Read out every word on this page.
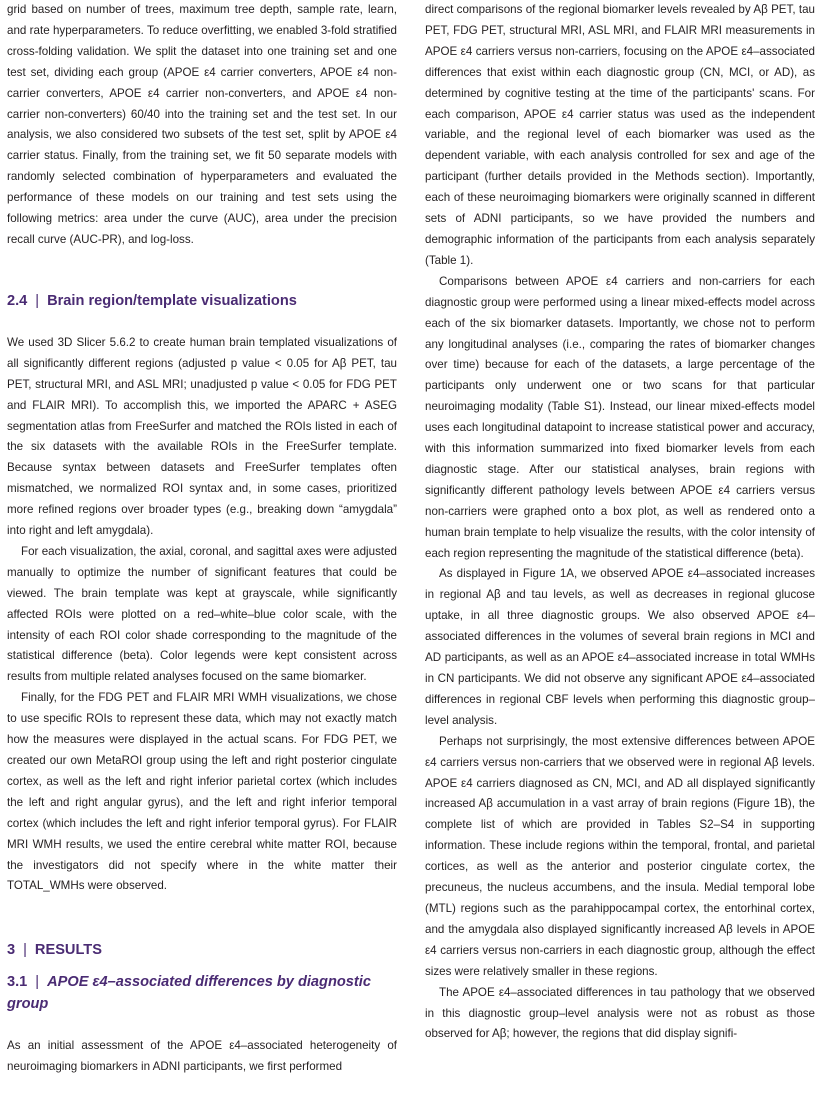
grid based on number of trees, maximum tree depth, sample rate, learn, and rate hyperparameters. To reduce overfitting, we enabled 3-fold stratified cross-folding validation. We split the dataset into one training set and one test set, dividing each group (APOE ε4 carrier converters, APOE ε4 non-carrier converters, APOE ε4 carrier non-converters, and APOE ε4 non-carrier non-converters) 60/40 into the training set and the test set. In our analysis, we also considered two subsets of the test set, split by APOE ε4 carrier status. Finally, from the training set, we fit 50 separate models with randomly selected combination of hyperparameters and evaluated the performance of these models on our training and test sets using the following metrics: area under the curve (AUC), area under the precision recall curve (AUC-PR), and log-loss.

2.4 | Brain region/template visualizations

We used 3D Slicer 5.6.2 to create human brain templated visualizations of all significantly different regions (adjusted p value < 0.05 for Aβ PET, tau PET, structural MRI, and ASL MRI; unadjusted p value < 0.05 for FDG PET and FLAIR MRI). To accomplish this, we imported the APARC + ASEG segmentation atlas from FreeSurfer and matched the ROIs listed in each of the six datasets with the available ROIs in the FreeSurfer template. Because syntax between datasets and FreeSurfer templates often mismatched, we normalized ROI syntax and, in some cases, prioritized more refined regions over broader types (e.g., breaking down “amygdala” into right and left amygdala).

For each visualization, the axial, coronal, and sagittal axes were adjusted manually to optimize the number of significant features that could be viewed. The brain template was kept at grayscale, while significantly affected ROIs were plotted on a red–white–blue color scale, with the intensity of each ROI color shade corresponding to the magnitude of the statistical difference (beta). Color legends were kept consistent across results from multiple related analyses focused on the same biomarker.

Finally, for the FDG PET and FLAIR MRI WMH visualizations, we chose to use specific ROIs to represent these data, which may not exactly match how the measures were displayed in the actual scans. For FDG PET, we created our own MetaROI group using the left and right posterior cingulate cortex, as well as the left and right inferior parietal cortex (which includes the left and right angular gyrus), and the left and right inferior temporal cortex (which includes the left and right inferior temporal gyrus). For FLAIR MRI WMH results, we used the entire cerebral white matter ROI, because the investigators did not specify where in the white matter their TOTAL_WMHs were observed.

3 | RESULTS
3.1 | APOE ε4–associated differences by diagnostic group

As an initial assessment of the APOE ε4–associated heterogeneity of neuroimaging biomarkers in ADNI participants, we first performed

direct comparisons of the regional biomarker levels revealed by Aβ PET, tau PET, FDG PET, structural MRI, ASL MRI, and FLAIR MRI measurements in APOE ε4 carriers versus non-carriers, focusing on the APOE ε4–associated differences that exist within each diagnostic group (CN, MCI, or AD), as determined by cognitive testing at the time of the participants' scans. For each comparison, APOE ε4 carrier status was used as the independent variable, and the regional level of each biomarker was used as the dependent variable, with each analysis controlled for sex and age of the participant (further details provided in the Methods section). Importantly, each of these neuroimaging biomarkers were originally scanned in different sets of ADNI participants, so we have provided the numbers and demographic information of the participants from each analysis separately (Table 1).

Comparisons between APOE ε4 carriers and non-carriers for each diagnostic group were performed using a linear mixed-effects model across each of the six biomarker datasets. Importantly, we chose not to perform any longitudinal analyses (i.e., comparing the rates of biomarker changes over time) because for each of the datasets, a large percentage of the participants only underwent one or two scans for that particular neuroimaging modality (Table S1). Instead, our linear mixed-effects model uses each longitudinal datapoint to increase statistical power and accuracy, with this information summarized into fixed biomarker levels from each diagnostic stage. After our statistical analyses, brain regions with significantly different pathology levels between APOE ε4 carriers versus non-carriers were graphed onto a box plot, as well as rendered onto a human brain template to help visualize the results, with the color intensity of each region representing the magnitude of the statistical difference (beta).

As displayed in Figure 1A, we observed APOE ε4–associated increases in regional Aβ and tau levels, as well as decreases in regional glucose uptake, in all three diagnostic groups. We also observed APOE ε4–associated differences in the volumes of several brain regions in MCI and AD participants, as well as an APOE ε4–associated increase in total WMHs in CN participants. We did not observe any significant APOE ε4–associated differences in regional CBF levels when performing this diagnostic group–level analysis.

Perhaps not surprisingly, the most extensive differences between APOE ε4 carriers versus non-carriers that we observed were in regional Aβ levels. APOE ε4 carriers diagnosed as CN, MCI, and AD all displayed significantly increased Aβ accumulation in a vast array of brain regions (Figure 1B), the complete list of which are provided in Tables S2–S4 in supporting information. These include regions within the temporal, frontal, and parietal cortices, as well as the anterior and posterior cingulate cortex, the precuneus, the nucleus accumbens, and the insula. Medial temporal lobe (MTL) regions such as the parahippocampal cortex, the entorhinal cortex, and the amygdala also displayed significantly increased Aβ levels in APOE ε4 carriers versus non-carriers in each diagnostic group, although the effect sizes were relatively smaller in these regions.

The APOE ε4–associated differences in tau pathology that we observed in this diagnostic group–level analysis were not as robust as those observed for Aβ; however, the regions that did display signifi-
